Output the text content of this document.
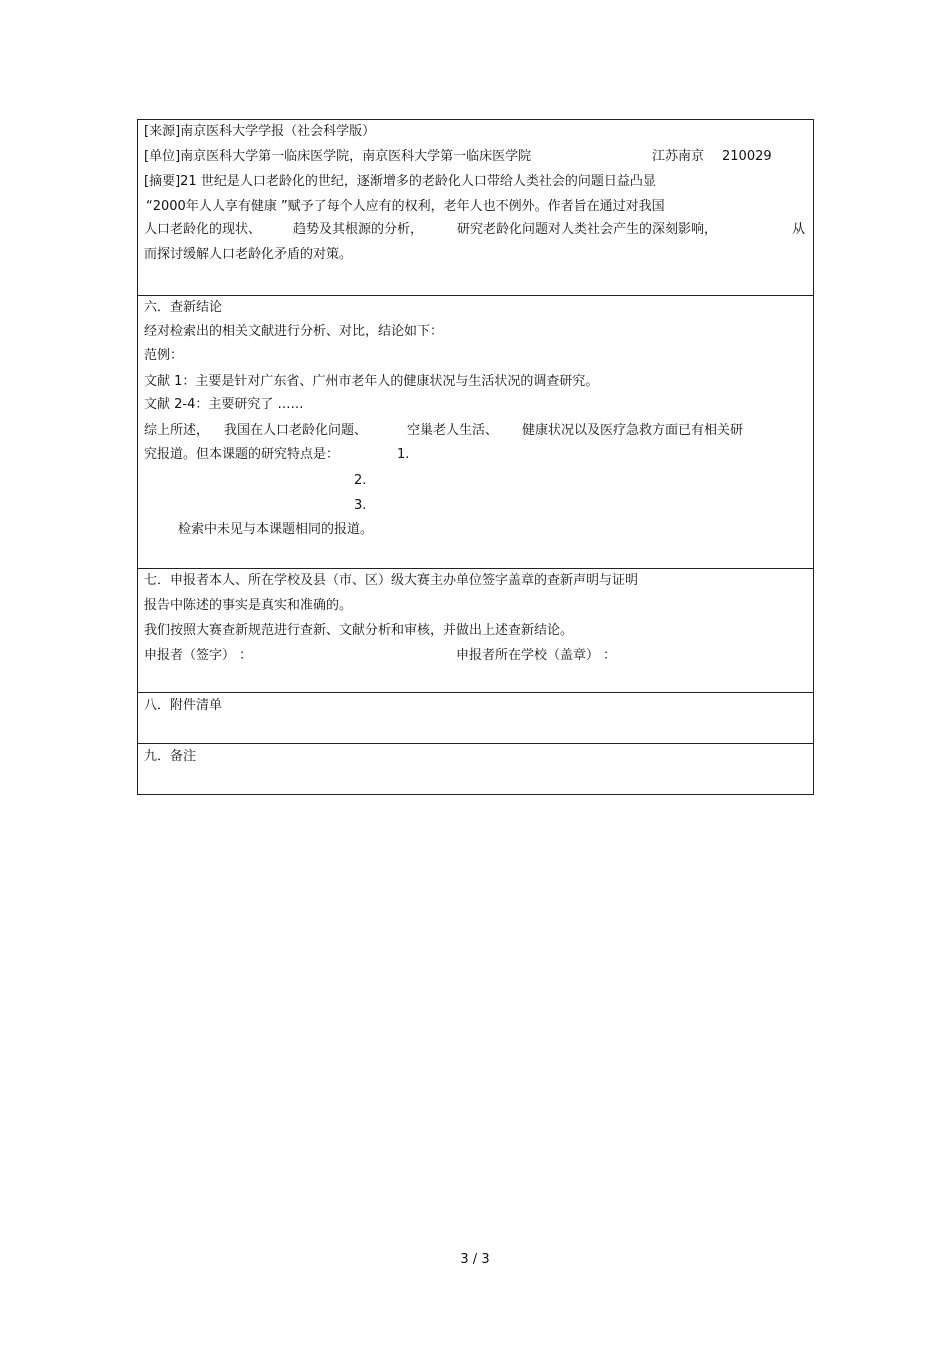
[来源]南京医科大学学报（社会科学版）
[单位]南京医科大学第一临床医学院，南京医科大学第一临床医学院	江苏南京 210029
[摘要]21 世纪是人口老龄化的世纪，逐渐增多的老龄化人口带给人类社会的问题日益凸显
“2000年人人享有健康 ”赋予了每个人应有的权利，老年人也不例外。作者旨在通过对我国
人口老龄化的现状、 趋势及其根源的分析，	研究老龄化问题对人类社会产生的深刻影响，	从
而探讨缓解人口老龄化矛盾的对策。
六．查新结论
经对检索出的相关文献进行分析、对比，结论如下：
范例：
文献 1：主要是针对广东省、广州市老年人的健康状况与生活状况的调查研究。
文献 2-4：主要研究了 ……
综上所述， 我国在人口老龄化问题、	空巢老人生活、 健康状况以及医疗急救方面已有相关研
究报道。但本课题的研究特点是：	1.
2.
3.
检索中未见与本课题相同的报道。
七．申报者本人、所在学校及县（市、区）级大赛主办单位签字盖章的查新声明与证明
报告中陈述的事实是真实和准确的。
我们按照大赛查新规范进行查新、文献分析和审核，并做出上述查新结论。
申报者（签字） ：	申报者所在学校（盖章） ：
八．附件清单
九．备注
3 / 3
